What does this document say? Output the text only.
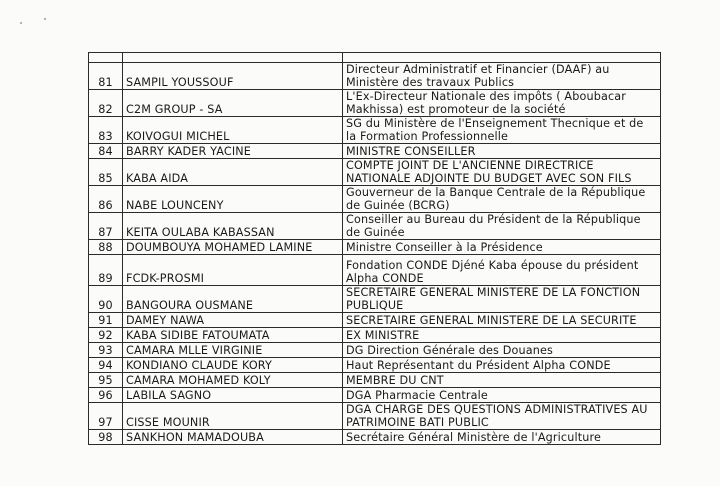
81	SAMPIL YOUSSOUF	Directeur Administratif et Financier (DAAF) au Ministère des travaux Publics
82	C2M GROUP - SA	L'Ex-Directeur Nationale des impôts ( Aboubacar Makhissa) est promoteur de la société
83	KOIVOGUI MICHEL	SG du Ministère de l'Enseignement Thecnique et de la Formation Professionnelle
84	BARRY KADER YACINE	MINISTRE CONSEILLER
85	KABA AIDA	COMPTE JOINT DE L'ANCIENNE DIRECTRICE NATIONALE ADJOINTE DU BUDGET AVEC SON FILS
86	NABE LOUNCENY	Gouverneur de la Banque Centrale de la République de Guinée (BCRG)
87	KEITA OULABA KABASSAN	Conseiller au Bureau du Président de la République de Guinée
88	DOUMBOUYA MOHAMED LAMINE	Ministre Conseiller à la Présidence
89	FCDK-PROSMI	Fondation CONDE Djéné Kaba épouse du président Alpha CONDE
90	BANGOURA OUSMANE	SECRETAIRE GENERAL MINISTERE DE LA FONCTION PUBLIQUE
91	DAMEY NAWA	SECRETAIRE GENERAL MINISTERE DE LA SECURITE
92	KABA SIDIBE FATOUMATA	EX MINISTRE
93	CAMARA MLLE VIRGINIE	DG Direction Générale des Douanes
94	KONDIANO CLAUDE KORY	Haut Représentant du Président Alpha CONDE
95	CAMARA MOHAMED KOLY	MEMBRE DU CNT
96	LABILA SAGNO	DGA Pharmacie Centrale
97	CISSE MOUNIR	DGA CHARGE DES QUESTIONS ADMINISTRATIVES AU PATRIMOINE BATI PUBLIC
98	SANKHON MAMADOUBA	Secrétaire Général Ministère de l'Agriculture
